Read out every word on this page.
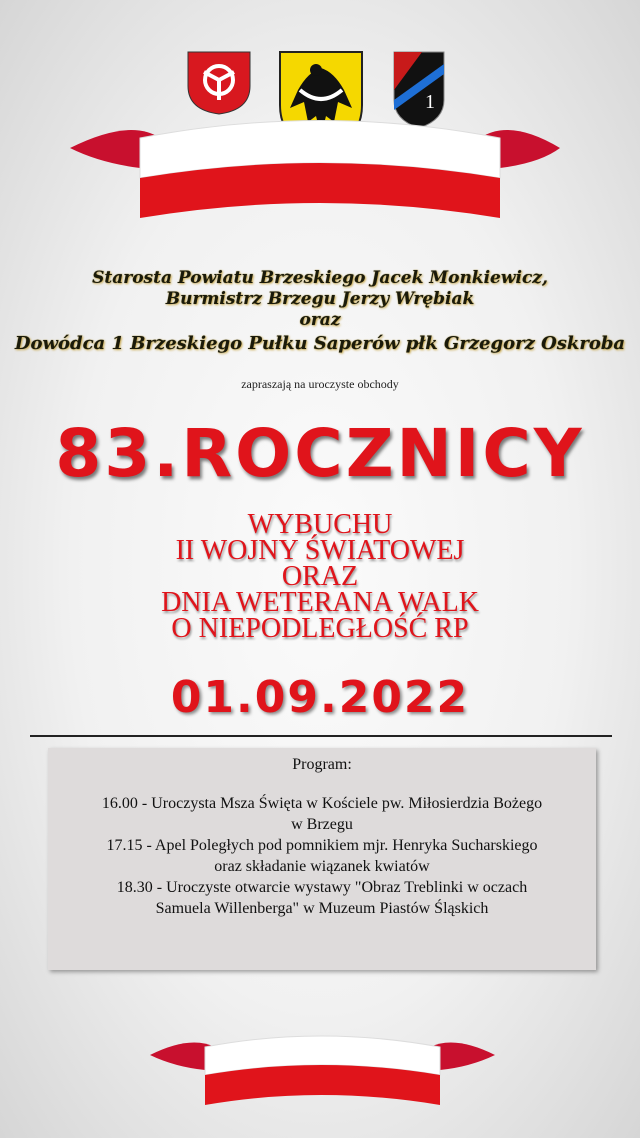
1
Starosta Powiatu Brzeskiego Jacek Monkiewicz,
Burmistrz Brzegu Jerzy Wrębiak
oraz
Dowódca 1 Brzeskiego Pułku Saperów płk Grzegorz Oskroba
zapraszają na uroczyste obchody
83.ROCZNICY
WYBUCHU
II WOJNY ŚWIATOWEJ
ORAZ
DNIA WETERANA WALK
O NIEPODLEGŁOŚĆ RP
01.09.2022
Program:
16.00 - Uroczysta Msza Święta w Kościele pw. Miłosierdzia Bożego
w Brzegu
17.15 - Apel Poległych pod pomnikiem mjr. Henryka Sucharskiego
oraz składanie wiązanek kwiatów
18.30 - Uroczyste otwarcie wystawy "Obraz Treblinki w oczach
Samuela Willenberga" w Muzeum Piastów Śląskich
